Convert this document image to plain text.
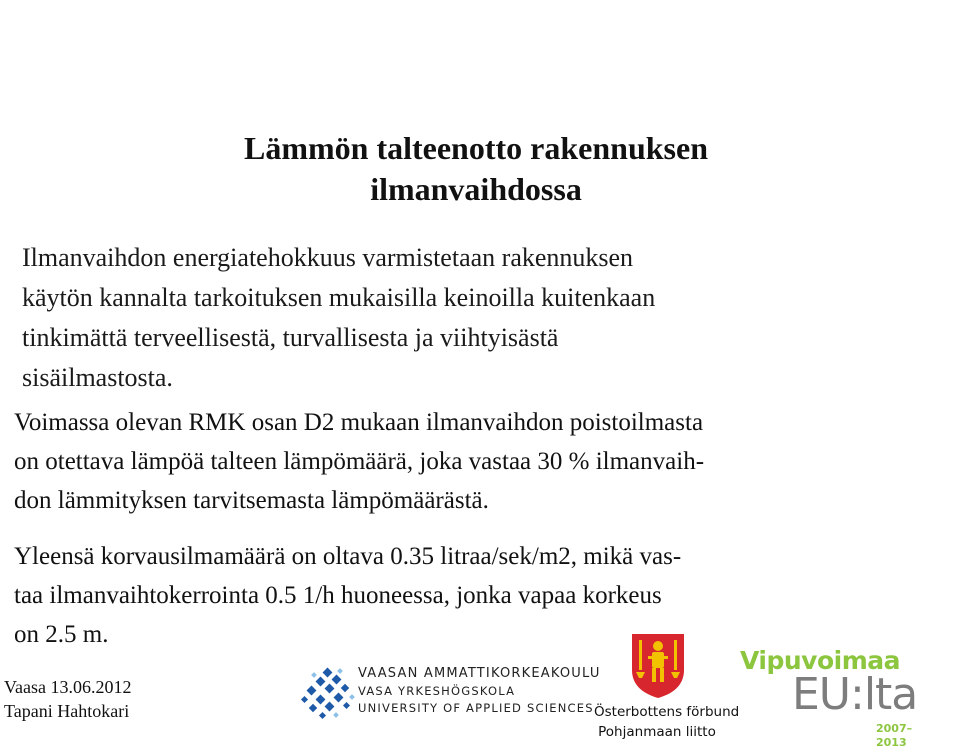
Lämmön talteenotto rakennuksen
ilmanvaihdossa

Ilmanvaihdon energiatehokkuus varmistetaan rakennuksen
käytön kannalta tarkoituksen mukaisilla keinoilla kuitenkaan
tinkimättä terveellisestä, turvallisesta ja viihtyisästä
sisäilmastosta.

Voimassa olevan RMK osan D2 mukaan ilmanvaihdon poistoilmasta
on otettava lämpöä talteen lämpömäärä, joka vastaa 30 % ilmanvaih-
don lämmityksen tarvitsemasta lämpömäärästä.

Yleensä korvausilmamäärä on oltava 0.35 litraa/sek/m2, mikä vas-
taa ilmanvaihtokerrointa 0.5 1/h huoneessa, jonka vapaa korkeus
on 2.5 m.

Vaasa 13.06.2012
Tapani Hahtokari
VAASAN AMMATTIKORKEAKOULU
VASA YRKESHÖGSKOLA
UNIVERSITY OF APPLIED SCIENCES Österbottens förbund
Pohjanmaan liitto
Vipuvoimaa
EU:lta
2007–2013
